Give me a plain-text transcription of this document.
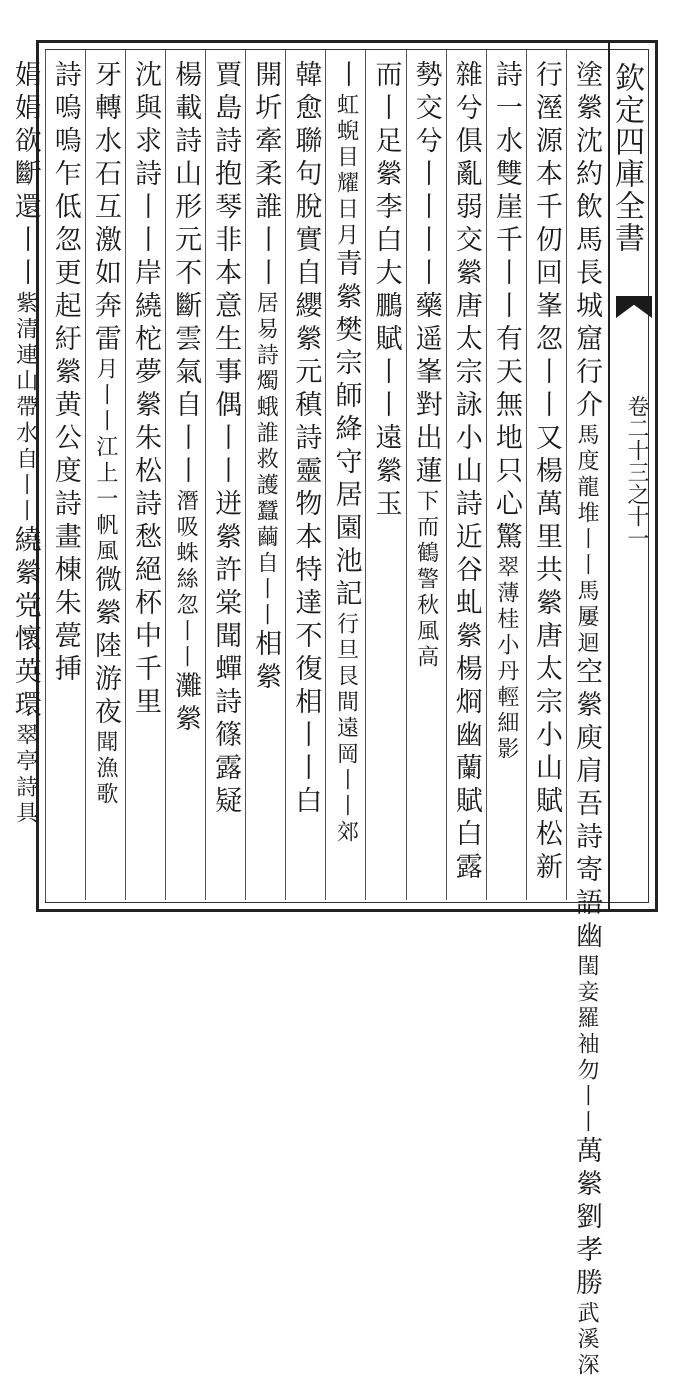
欽定四庫全書
卷二十三之十一
塗縈沈約飲馬長城窟行介馬度龍堆丨丨馬屢迴空縈庾肩吾詩寄語幽閨妾羅袖勿丨丨萬縈劉孝勝武溪深
行溼源本千仞回峯忽丨丨又楊萬里共縈唐太宗小山賦松新
詩一水雙崖千丨丨有天無地只心驚翠薄桂小丹輕細影
雜兮俱亂弱交縈唐太宗詠小山詩近谷虬縈楊烱幽蘭賦白露
勢交兮丨丨丨丨藥遥峯對出蓮下而鶴警秋風高
而丨足縈李白大鵬賦丨丨遠縈玉
丨虹蜺目耀日月青縈樊宗師絳守居園池記行旦艮間遠岡丨丨郊
韓愈聯句脫實自纓縈元稹詩靈物本特達不復相丨丨白
開圻牽柔誰丨丨居易詩燭蛾誰救護蠶繭自丨丨相縈
賈島詩抱琴非本意生事偶丨丨迸縈許棠聞蟬詩篠露疑
楊載詩山形元不斷雲氣自丨丨潛吸蛛絲忽丨丨灘縈
沈與求詩丨丨岸繞柁夢縈朱松詩愁絕杯中千里
牙轉水石互激如奔雷月丨丨江上一帆風微縈陸游夜聞漁歌
詩嗚嗚乍低忽更起紆縈黄公度詩畫棟朱甍挿
娟娟欲斷還丨丨紫清連山帶水自丨丨繞縈党懷英環翠亭詩具
